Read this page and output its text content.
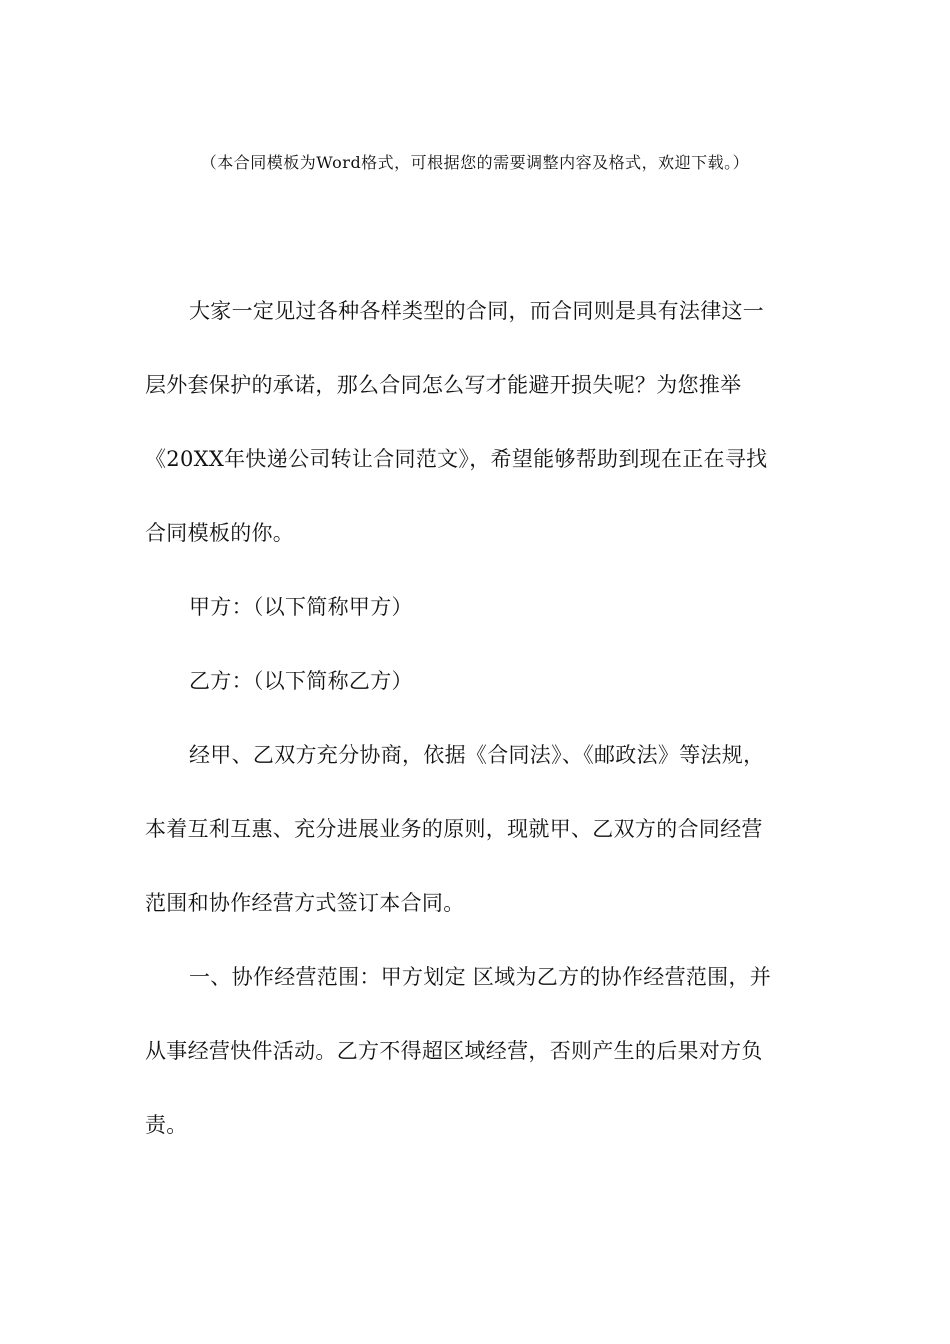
（本合同模板为Word格式，可根据您的需要调整内容及格式，欢迎下载。）
大家一定见过各种各样类型的合同，而合同则是具有法律这一
层外套保护的承诺，那么合同怎么写才能避开损失呢？为您推举
《20XX年快递公司转让合同范文》，希望能够帮助到现在正在寻找
合同模板的你。
甲方：（以下简称甲方）
乙方：（以下简称乙方）
经甲、乙双方充分协商，依据《合同法》、《邮政法》等法规，
本着互利互惠、充分进展业务的原则，现就甲、乙双方的合同经营
范围和协作经营方式签订本合同。
一、协作经营范围：甲方划定 区域为乙方的协作经营范围，并
从事经营快件活动。乙方不得超区域经营，否则产生的后果对方负
责。
